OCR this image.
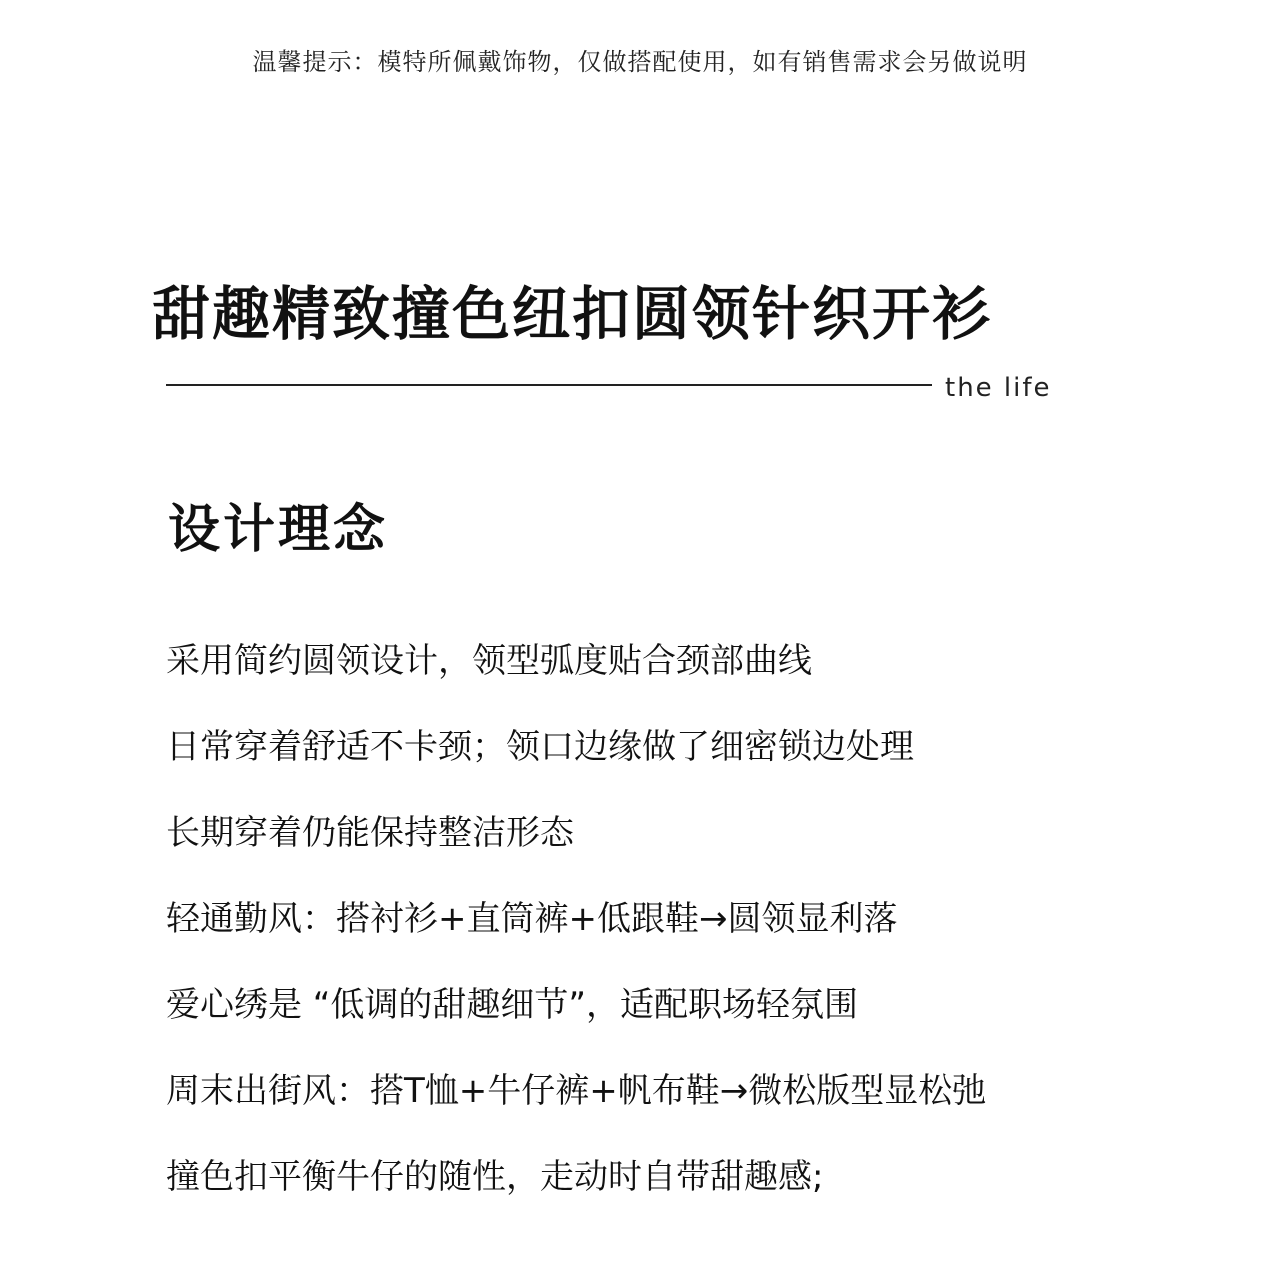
温馨提示：模特所佩戴饰物，仅做搭配使用，如有销售需求会另做说明
甜趣精致撞色纽扣圆领针织开衫
the life
设计理念
采用简约圆领设计，领型弧度贴合颈部曲线
日常穿着舒适不卡颈；领口边缘做了细密锁边处理
长期穿着仍能保持整洁形态
轻通勤风：搭衬衫+直筒裤+低跟鞋→圆领显利落
爱心绣是 “低调的甜趣细节”，适配职场轻氛围
周末出街风：搭T恤+牛仔裤+帆布鞋→微松版型显松弛
撞色扣平衡牛仔的随性，走动时自带甜趣感;
